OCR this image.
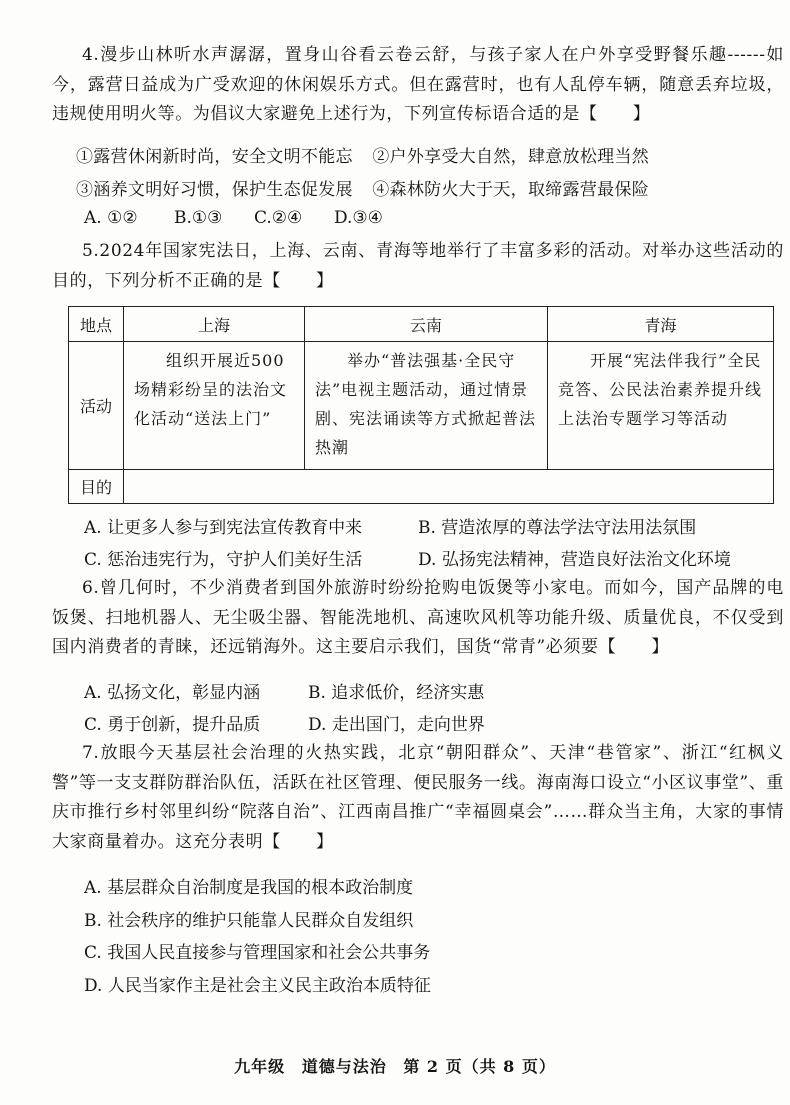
4.漫步山林听水声潺潺，置身山谷看云卷云舒，与孩子家人在户外享受野餐乐趣------如今，露营日益成为广受欢迎的休闲娱乐方式。但在露营时，也有人乱停车辆，随意丢弃垃圾，违规使用明火等。为倡议大家避免上述行为，下列宣传标语合适的是【　　】
①露营休闲新时尚，安全文明不能忘 ②户外享受大自然，肆意放松理当然
③涵养文明好习惯，保护生态促发展 ④森林防火大于天，取缔露营最保险
A. ①② B.①③ C.②④ D.③④
5.2024年国家宪法日，上海、云南、青海等地举行了丰富多彩的活动。对举办这些活动的目的，下列分析不正确的是【　　】
地点	上海	云南	青海
活动	组织开展近500场精彩纷呈的法治文化活动“送法上门”	举办“普法强基·全民守法”电视主题活动，通过情景剧、宪法诵读等方式掀起普法热潮	开展“宪法伴我行”全民竞答、公民法治素养提升线上法治专题学习等活动
目的			
A. 让更多人参与到宪法宣传教育中来	B. 营造浓厚的尊法学法守法用法氛围
C. 惩治违宪行为，守护人们美好生活	D. 弘扬宪法精神，营造良好法治文化环境
6.曾几何时，不少消费者到国外旅游时纷纷抢购电饭煲等小家电。而如今，国产品牌的电饭煲、扫地机器人、无尘吸尘器、智能洗地机、高速吹风机等功能升级、质量优良，不仅受到国内消费者的青睐，还远销海外。这主要启示我们，国货“常青”必须要【　　】
A. 弘扬文化，彰显内涵	B. 追求低价，经济实惠
C. 勇于创新，提升品质	D. 走出国门，走向世界
7.放眼今天基层社会治理的火热实践，北京“朝阳群众”、天津“巷管家”、浙江“红枫义警”等一支支群防群治队伍，活跃在社区管理、便民服务一线。海南海口设立“小区议事堂”、重庆市推行乡村邻里纠纷“院落自治”、江西南昌推广“幸福圆桌会”……群众当主角，大家的事情大家商量着办。这充分表明【　　】
A. 基层群众自治制度是我国的根本政治制度
B. 社会秩序的维护只能靠人民群众自发组织
C. 我国人民直接参与管理国家和社会公共事务
D. 人民当家作主是社会主义民主政治本质特征
九年级 道德与法治 第 2 页（共 8 页）
